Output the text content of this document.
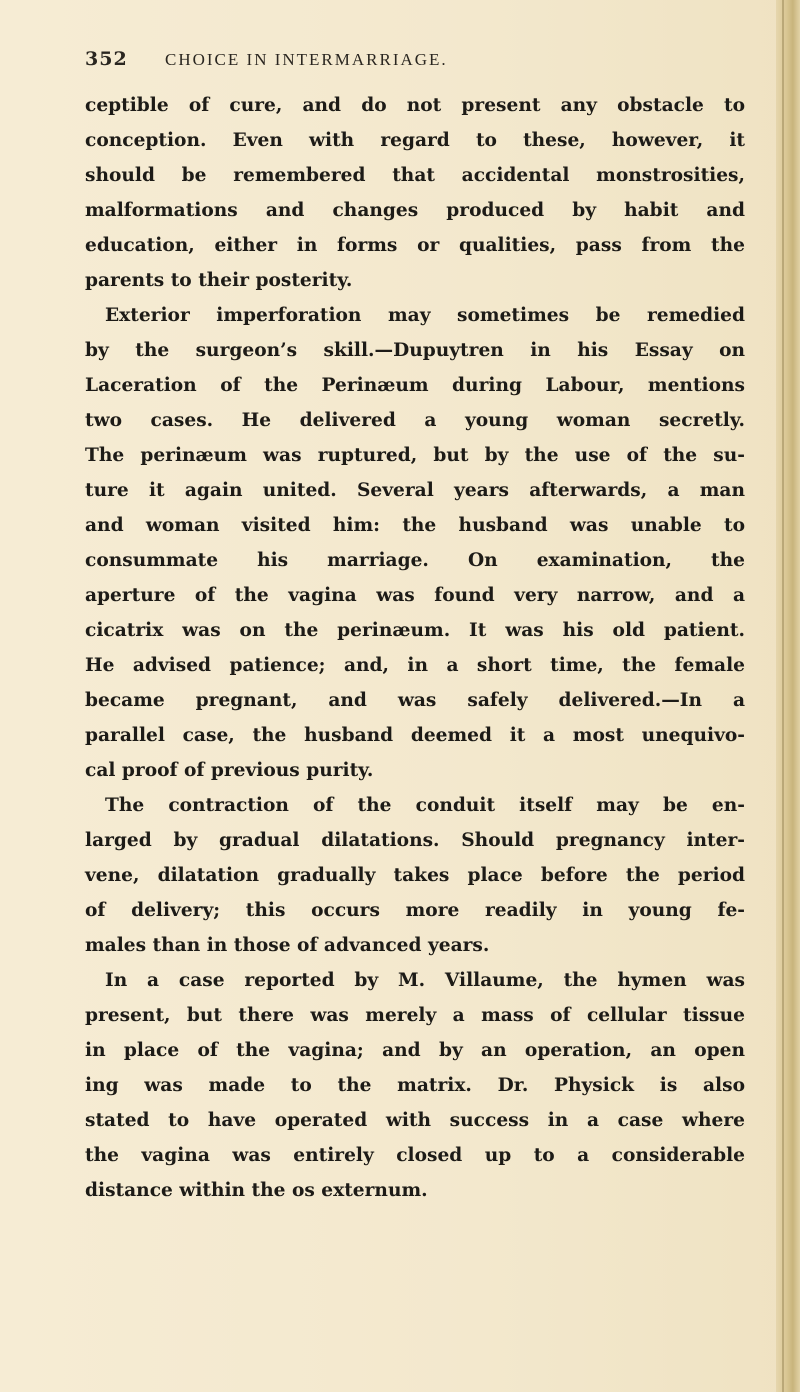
352 CHOICE IN INTERMARRIAGE.
ceptible of cure, and do not present any obstacle to
conception. Even with regard to these, however, it
should be remembered that accidental monstrosities,
malformations and changes produced by habit and
education, either in forms or qualities, pass from the
parents to their posterity.
Exterior imperforation may sometimes be remedied
by the surgeon’s skill.—Dupuytren in his Essay on
Laceration of the Perinæum during Labour, mentions
two cases. He delivered a young woman secretly.
The perinæum was ruptured, but by the use of the su-
ture it again united. Several years afterwards, a man
and woman visited him: the husband was unable to
consummate his marriage. On examination, the
aperture of the vagina was found very narrow, and a
cicatrix was on the perinæum. It was his old patient.
He advised patience; and, in a short time, the female
became pregnant, and was safely delivered.—In a
parallel case, the husband deemed it a most unequivo-
cal proof of previous purity.
The contraction of the conduit itself may be en-
larged by gradual dilatations. Should pregnancy inter-
vene, dilatation gradually takes place before the period
of delivery; this occurs more readily in young fe-
males than in those of advanced years.
In a case reported by M. Villaume, the hymen was
present, but there was merely a mass of cellular tissue
in place of the vagina; and by an operation, an open
ing was made to the matrix. Dr. Physick is also
stated to have operated with success in a case where
the vagina was entirely closed up to a considerable
distance within the os externum.
